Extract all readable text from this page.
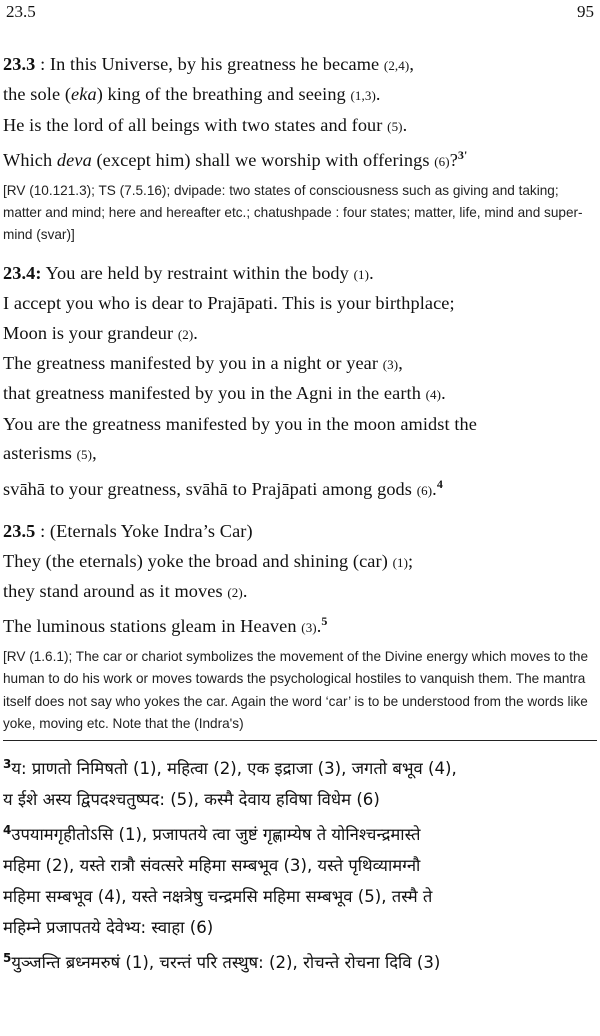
23.5	95
23.3 : In this Universe, by his greatness he became (2,4),
the sole (eka) king of the breathing and seeing (1,3).
He is the lord of all beings with two states and four (5).
Which deva (except him) shall we worship with offerings (6)?$^{3'}$
[RV (10.121.3); TS (7.5.16); dvipade: two states of consciousness such as giving and taking; matter and mind; here and hereafter etc.; chatushpade : four states; matter, life, mind and super-mind (svar)]
23.4: You are held by restraint within the body (1).
I accept you who is dear to Prajāpati. This is your birthplace;
Moon is your grandeur (2).
The greatness manifested by you in a night or year (3),
that greatness manifested by you in the Agni in the earth (4).
You are the greatness manifested by you in the moon amidst the
asterisms (5),
svāhā to your greatness, svāhā to Prajāpati among gods (6).$^4$
23.5 : (Eternals Yoke Indra’s Car)
They (the eternals) yoke the broad and shining (car) (1);
they stand around as it moves (2).
The luminous stations gleam in Heaven (3).$^5$
[RV (1.6.1); The car or chariot symbolizes the movement of the Divine energy which moves to the human to do his work or moves towards the psychological hostiles to vanquish them. The mantra itself does not say who yokes the car. Again the word ‘car’ is to be understood from the words like yoke, moving etc. Note that the (Indra's)
$^3$य: प्राणतो निमिषतो (1), महित्वा (2), एक इद्राजा (3), जगतो बभूव (4),
य ईशे अस्य द्विपदश्चतुष्पद: (5), कस्मै देवाय हविषा विधेम (6)
$^4$उपयामगृहीतोऽसि (1), प्रजापतये त्वा जुष्टं गृह्णाम्येष ते योनिश्चन्द्रमास्ते
महिमा (2), यस्ते रात्रौ संवत्सरे महिमा सम्बभूव (3), यस्ते पृथिव्यामग्नौ
महिमा सम्बभूव (4), यस्ते नक्षत्रेषु चन्द्रमसि महिमा सम्बभूव (5), तस्मै ते
महिम्ने प्रजापतये देवेभ्य: स्वाहा (6)
$^5$युञ्जन्ति ब्रध्नमरुषं (1), चरन्तं परि तस्थुष: (2), रोचन्ते रोचना दिवि (3)
